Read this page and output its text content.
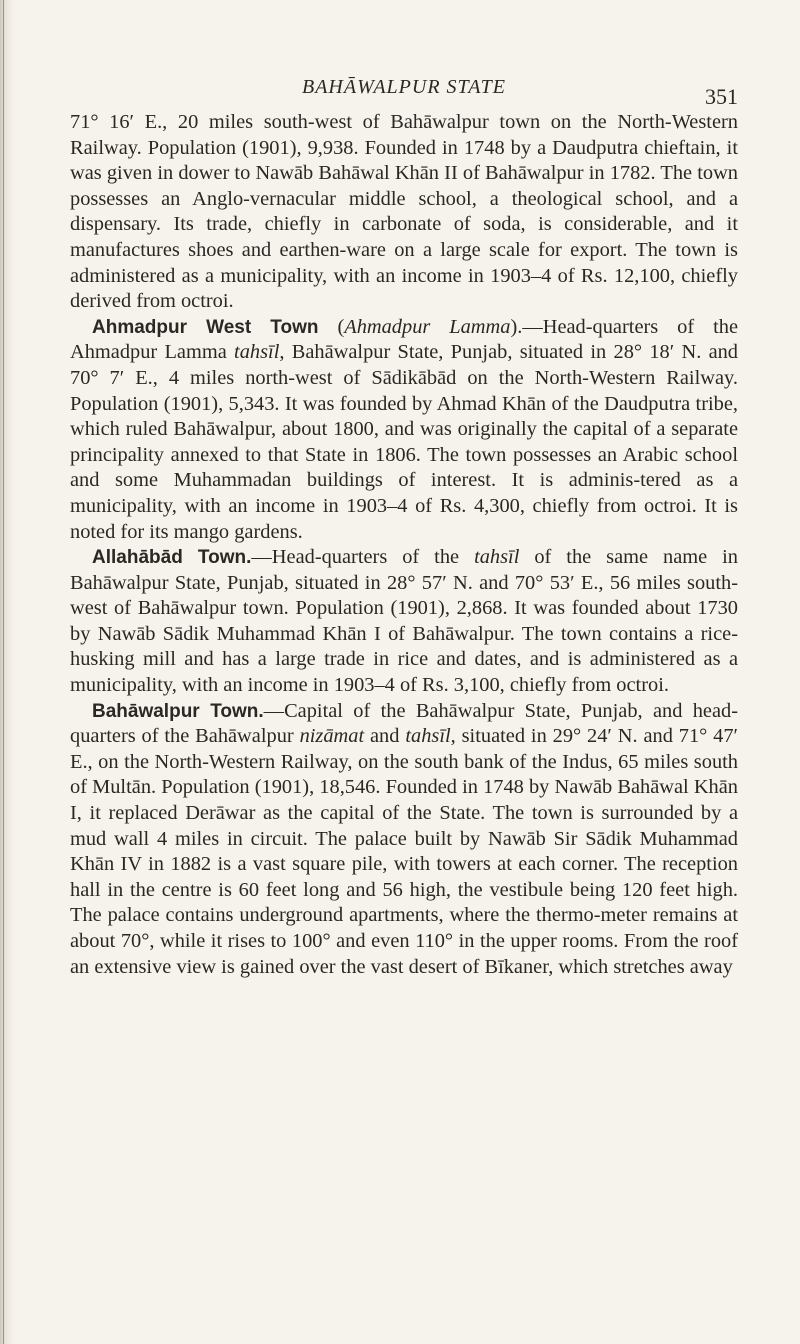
BAHĀWALPUR STATE	351

71° 16′ E., 20 miles south-west of Bahāwalpur town on the North-Western Railway. Population (1901), 9,938. Founded in 1748 by a Daudputra chieftain, it was given in dower to Nawāb Bahāwal Khān II of Bahāwalpur in 1782. The town possesses an Anglo-vernacular middle school, a theological school, and a dispensary. Its trade, chiefly in carbonate of soda, is considerable, and it manufactures shoes and earthen-ware on a large scale for export. The town is administered as a municipality, with an income in 1903–4 of Rs. 12,100, chiefly derived from octroi.

Ahmadpur West Town (Ahmadpur Lamma).—Head-quarters of the Ahmadpur Lamma tahsīl, Bahāwalpur State, Punjab, situated in 28° 18′ N. and 70° 7′ E., 4 miles north-west of Sādikābād on the North-Western Railway. Population (1901), 5,343. It was founded by Ahmad Khān of the Daudputra tribe, which ruled Bahāwalpur, about 1800, and was originally the capital of a separate principality annexed to that State in 1806. The town possesses an Arabic school and some Muhammadan buildings of interest. It is adminis-tered as a municipality, with an income in 1903–4 of Rs. 4,300, chiefly from octroi. It is noted for its mango gardens.

Allahābād Town.—Head-quarters of the tahsīl of the same name in Bahāwalpur State, Punjab, situated in 28° 57′ N. and 70° 53′ E., 56 miles south-west of Bahāwalpur town. Population (1901), 2,868. It was founded about 1730 by Nawāb Sādik Muhammad Khān I of Bahāwalpur. The town contains a rice-husking mill and has a large trade in rice and dates, and is administered as a municipality, with an income in 1903–4 of Rs. 3,100, chiefly from octroi.

Bahāwalpur Town.—Capital of the Bahāwalpur State, Punjab, and head-quarters of the Bahāwalpur nizāmat and tahsīl, situated in 29° 24′ N. and 71° 47′ E., on the North-Western Railway, on the south bank of the Indus, 65 miles south of Multān. Population (1901), 18,546. Founded in 1748 by Nawāb Bahāwal Khān I, it replaced Derāwar as the capital of the State. The town is surrounded by a mud wall 4 miles in circuit. The palace built by Nawāb Sir Sādik Muhammad Khān IV in 1882 is a vast square pile, with towers at each corner. The reception hall in the centre is 60 feet long and 56 high, the vestibule being 120 feet high. The palace contains underground apartments, where the thermo-meter remains at about 70°, while it rises to 100° and even 110° in the upper rooms. From the roof an extensive view is gained over the vast desert of Bīkaner, which stretches away
